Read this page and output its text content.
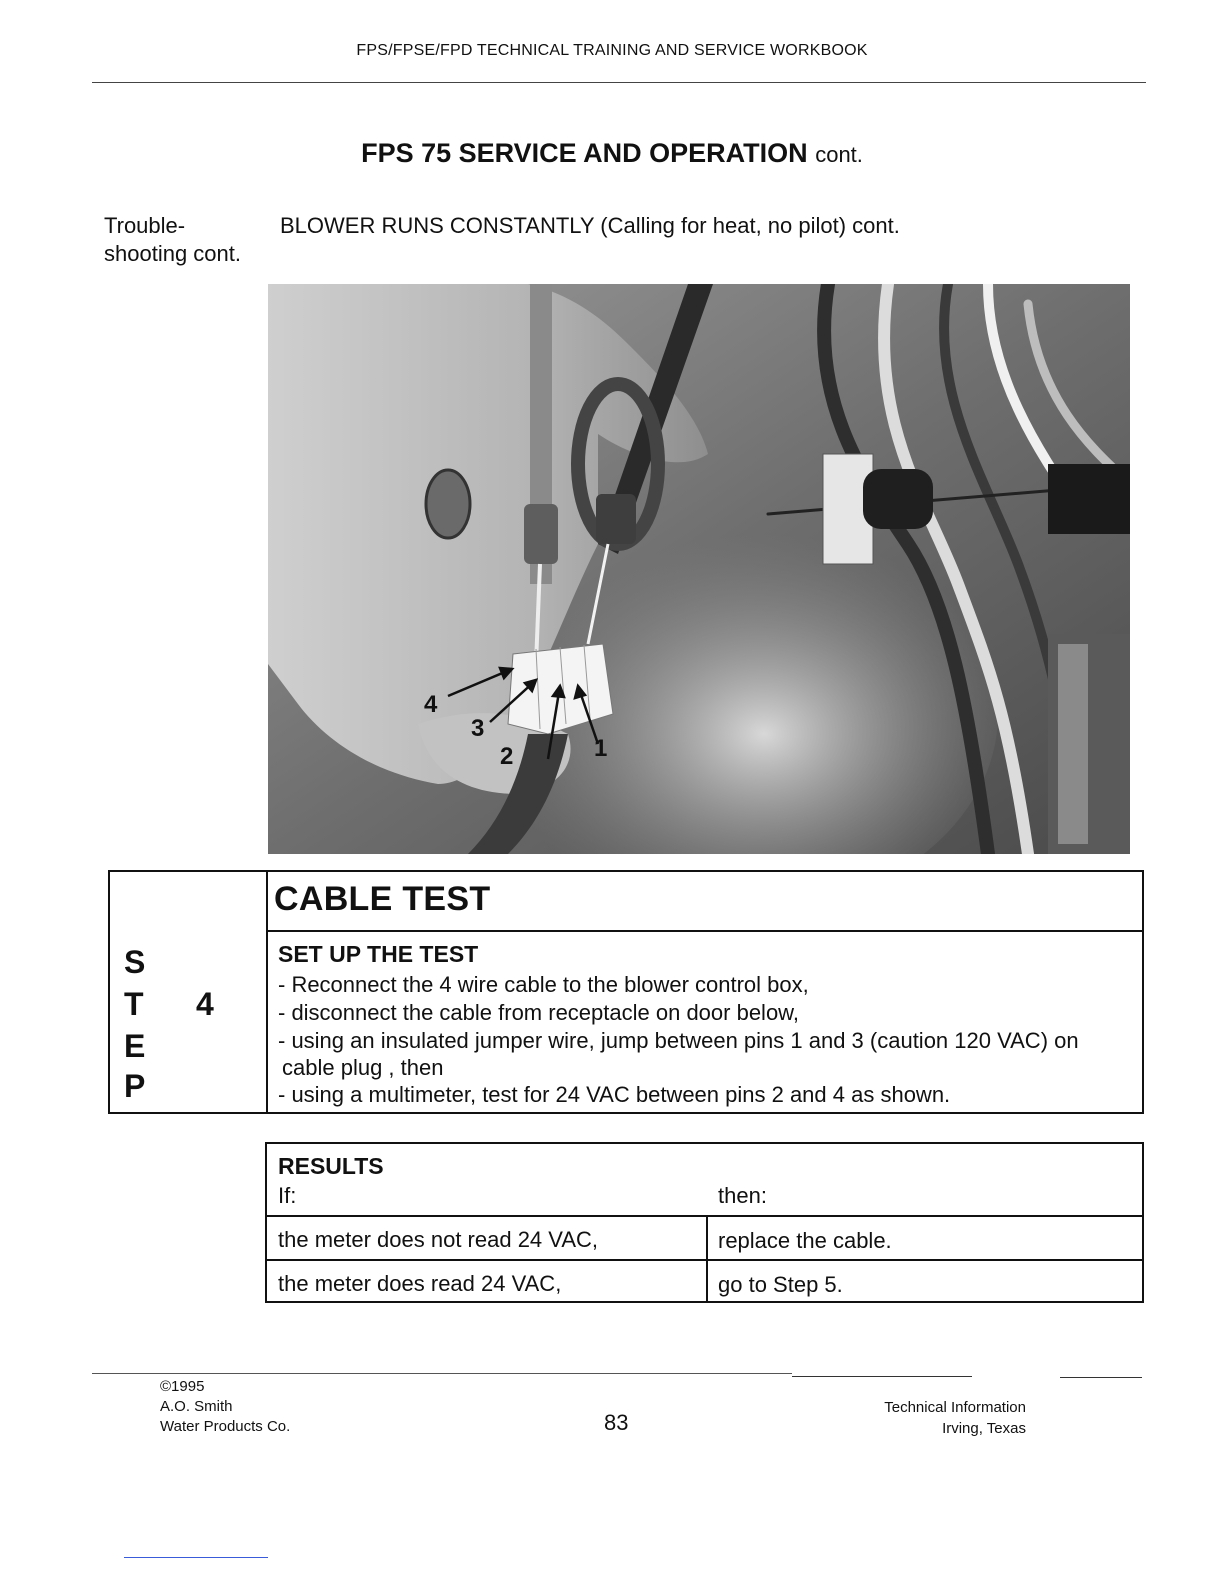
FPS/FPSE/FPD TECHNICAL TRAINING AND SERVICE WORKBOOK
FPS 75 SERVICE AND OPERATION cont.
Trouble-
shooting cont.
BLOWER RUNS CONSTANTLY (Calling for heat, no pilot) cont.
4
3
2	1
S
T
E
P
4
CABLE TEST
SET UP THE TEST
- Reconnect the 4 wire cable to the blower control box,
- disconnect the cable from receptacle on door below,
- using an insulated jumper wire, jump between pins 1 and 3 (caution 120 VAC) on
cable plug , then
- using a multimeter, test for 24 VAC between pins 2 and 4 as shown.
RESULTS
If:	then:
the meter does not read 24 VAC,	replace the cable.
the meter does read 24 VAC,	go to Step 5.
©1995
A.O. Smith
Water Products Co.	83
Technical Information
Irving, Texas
